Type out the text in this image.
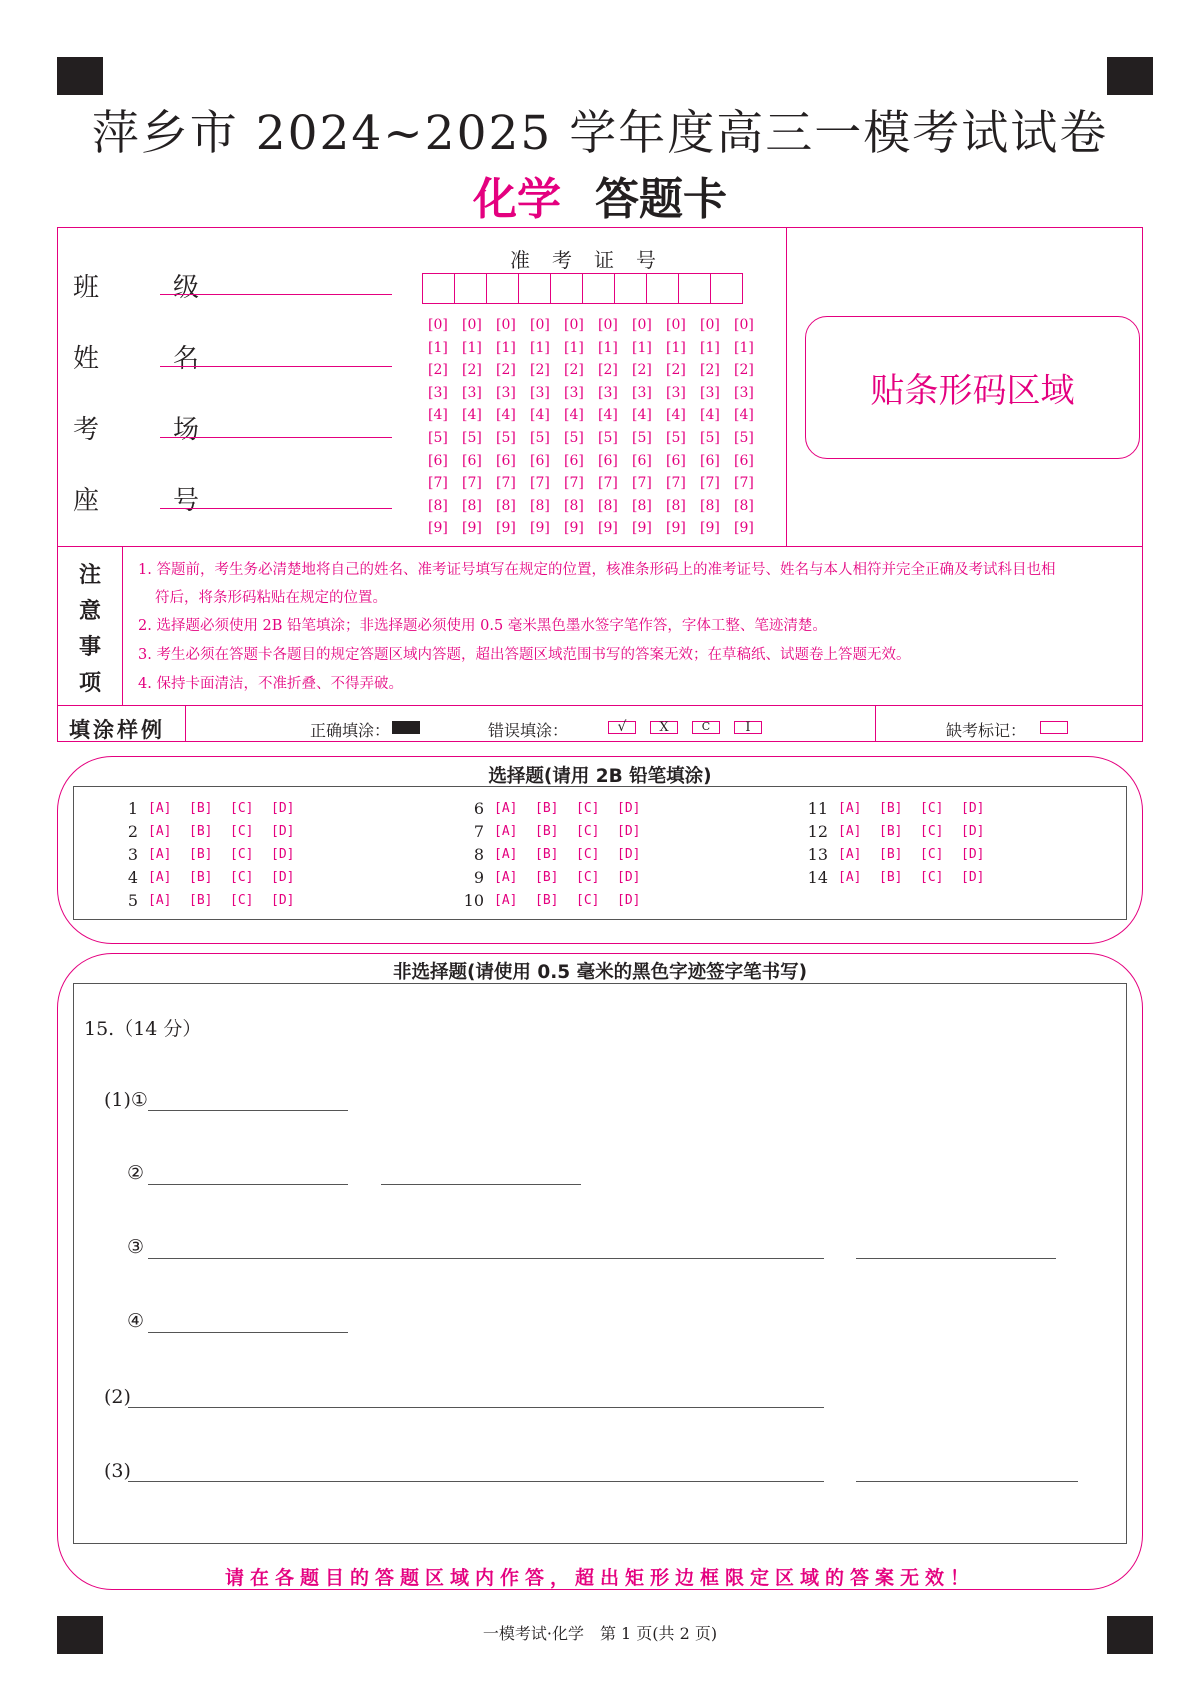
萍乡市 2024~2025 学年度高三一模考试试卷
化学 答题卡
班　级
姓　名
考　场
座　号
准考证号
[0]	[0]	[0]	[0]	[0]	[0]	[0]	[0]	[0]	[0]
[1]	[1]	[1]	[1]	[1]	[1]	[1]	[1]	[1]	[1]
[2]	[2]	[2]	[2]	[2]	[2]	[2]	[2]	[2]	[2]
[3]	[3]	[3]	[3]	[3]	[3]	[3]	[3]	[3]	[3]
[4]	[4]	[4]	[4]	[4]	[4]	[4]	[4]	[4]	[4]
[5]	[5]	[5]	[5]	[5]	[5]	[5]	[5]	[5]	[5]
[6]	[6]	[6]	[6]	[6]	[6]	[6]	[6]	[6]	[6]
[7]	[7]	[7]	[7]	[7]	[7]	[7]	[7]	[7]	[7]
[8]	[8]	[8]	[8]	[8]	[8]	[8]	[8]	[8]	[8]
[9]	[9]	[9]	[9]	[9]	[9]	[9]	[9]	[9]	[9]
贴条形码区域
注意事项
1. 答题前，考生务必清楚地将自己的姓名、准考证号填写在规定的位置，核准条形码上的准考证号、姓名与本人相符并完全正确及考试科目也相
符后，将条形码粘贴在规定的位置。
2. 选择题必须使用 2B 铅笔填涂；非选择题必须使用 0.5 毫米黑色墨水签字笔作答，字体工整、笔迹清楚。
3. 考生必须在答题卡各题目的规定答题区域内答题，超出答题区域范围书写的答案无效；在草稿纸、试题卷上答题无效。
4. 保持卡面清洁，不准折叠、不得弄破。
填涂样例	正确填涂：	错误填涂：	√	X	C	I	缺考标记：
选择题(请用 2B 铅笔填涂)
1 [A]	[B]	[C]	[D]
2 [A]	[B]	[C]	[D]
3 [A]	[B]	[C]	[D]
4 [A]	[B]	[C]	[D]
5 [A]	[B]	[C]	[D]
6 [A]	[B]	[C]	[D]
7 [A]	[B]	[C]	[D]
8 [A]	[B]	[C]	[D]
9 [A]	[B]	[C]	[D]
10 [A]	[B]	[C]	[D]
11 [A]	[B]	[C]	[D]
12 [A]	[B]	[C]	[D]
13 [A]	[B]	[C]	[D]
14 [A]	[B]	[C]	[D]
非选择题(请使用 0.5 毫米的黑色字迹签字笔书写)
15.（14 分）
(1)①
②
③
④
(2)
(3)
请在各题目的答题区域内作答，超出矩形边框限定区域的答案无效！
一模考试·化学　第 1 页(共 2 页)
